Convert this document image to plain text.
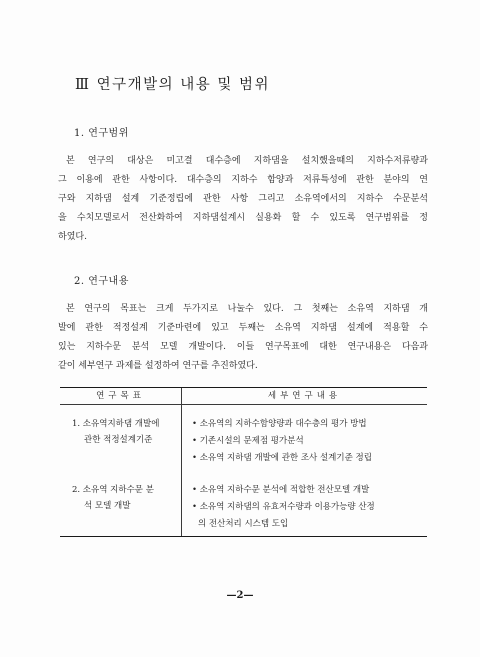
Ⅲ 연구개발의 내용 및 범위
1. 연구범위
본 연구의 대상은 미고결 대수층에 지하댐을 설치했을때의 지하수저류량과
그 이용에 관한 사항이다. 대수층의 지하수 함양과 저류특성에 관한 분야의 연
구와 지하댐 설계 기준정립에 관한 사항 그리고 소유역에서의 지하수 수문분석
을 수치모델로서 전산화하여 지하댐설계시 실용화 할 수 있도록 연구범위를 정
하였다.
2. 연구내용
본 연구의 목표는 크게 두가지로 나눌수 있다. 그 첫째는 소유역 지하댐 개
발에 관한 적정설계 기준마련에 있고 두째는 소유역 지하댐 설계에 적용할 수
있는 지하수문 분석 모델 개발이다. 이들 연구목표에 대한 연구내용은 다음과
같이 세부연구 과제를 설정하여 연구를 추진하였다.
연구목표	세부연구내용
1. 소유역지하댐 개발에
관한 적정설계기준
• 소유역의 지하수함양량과 대수층의 평가 방법
• 기존시설의 문제점 평가분석
• 소유역 지하댐 개발에 관한 조사 설계기준 정립
2. 소유역 지하수문 분
석 모델 개발
• 소유역 지하수문 분석에 적합한 전산모델 개발
• 소유역 지하댐의 유효저수량과 이용가능량 산정
의 전산처리 시스템 도입
—2—
